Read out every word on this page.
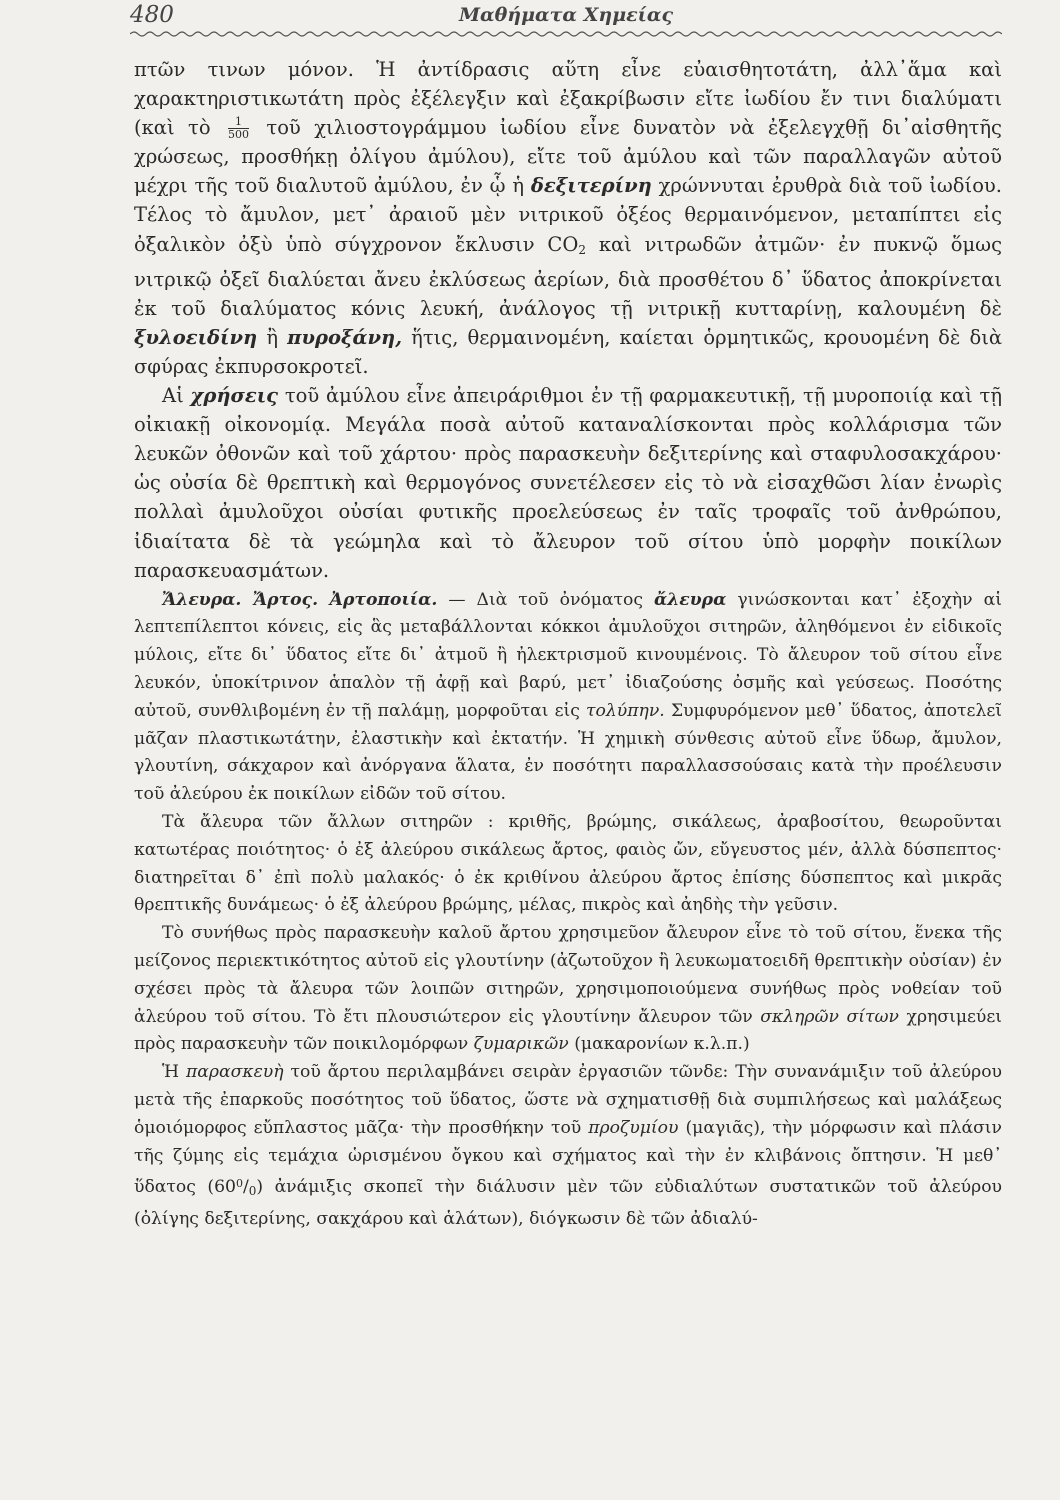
480	Μαθήματα Χημείας

πτῶν τινων μόνον. Ἡ ἀντίδρασις αὕτη εἶνε εὐαισθητοτάτη, ἀλλ᾽ἅμα καὶ χαρακτηριστικωτάτη πρὸς ἐξέλεγξιν καὶ ἐξακρίβωσιν εἴτε ἰωδίου ἔν τινι διαλύματι (καὶ τὸ $\frac{1}{500}$ τοῦ χιλιοστογράμμου ἰωδίου εἶνε δυνατὸν νὰ ἐξελεγχθῇ δι᾽αἰσθητῆς χρώσεως, προσθήκῃ ὀλίγου ἀμύλου), εἴτε τοῦ ἀμύλου καὶ τῶν παραλλαγῶν αὐτοῦ μέχρι τῆς τοῦ διαλυτοῦ ἀμύλου, ἐν ᾧ ἡ δεξιτερίνη χρώννυται ἐρυθρὰ διὰ τοῦ ἰωδίου. Τέλος τὸ ἄμυλον, μετ᾽ ἀραιοῦ μὲν νιτρικοῦ ὀξέος θερμαινόμενον, μεταπίπτει εἰς ὀξαλικὸν ὀξὺ ὑπὸ σύγχρονον ἔκλυσιν $CO_2$ καὶ νιτρωδῶν ἀτμῶν· ἐν πυκνῷ ὅμως νιτρικῷ ὀξεῖ διαλύεται ἄνευ ἐκλύσεως ἀερίων, διὰ προσθέτου δ᾽ ὕδατος ἀποκρίνεται ἐκ τοῦ διαλύματος κόνις λευκή, ἀνάλογος τῇ νιτρικῇ κυτταρίνῃ, καλουμένη δὲ ξυλοειδίνη ἢ πυροξάνη, ἥτις, θερμαινομένη, καίεται ὁρμητικῶς, κρουομένη δὲ διὰ σφύρας ἐκπυρσοκροτεῖ.

Αἱ χρήσεις τοῦ ἀμύλου εἶνε ἀπειράριθμοι ἐν τῇ φαρμακευτικῇ, τῇ μυροποιίᾳ καὶ τῇ οἰκιακῇ οἰκονομίᾳ. Μεγάλα ποσὰ αὐτοῦ καταναλίσκονται πρὸς κολλάρισμα τῶν λευκῶν ὀθονῶν καὶ τοῦ χάρτου· πρὸς παρασκευὴν δεξιτερίνης καὶ σταφυλοσακχάρου· ὡς οὐσία δὲ θρεπτικὴ καὶ θερμογόνος συνετέλεσεν εἰς τὸ νὰ εἰσαχθῶσι λίαν ἐνωρὶς πολλαὶ ἀμυλοῦχοι οὐσίαι φυτικῆς προελεύσεως ἐν ταῖς τροφαῖς τοῦ ἀνθρώπου, ἰδιαίτατα δὲ τὰ γεώμηλα καὶ τὸ ἄλευρον τοῦ σίτου ὑπὸ μορφὴν ποικίλων παρασκευασμάτων.

Ἄλευρα. Ἄρτος. Ἀρτοποιία. — Διὰ τοῦ ὀνόματος ἄλευρα γινώσκονται κατ᾽ ἐξοχὴν αἱ λεπτεπίλεπτοι κόνεις, εἰς ἃς μεταβάλλονται κόκκοι ἀμυλοῦχοι σιτηρῶν, ἀληθόμενοι ἐν εἰδικοῖς μύλοις, εἴτε δι᾽ ὕδατος εἴτε δι᾽ ἀτμοῦ ἢ ἠλεκτρισμοῦ κινουμένοις. Τὸ ἄλευρον τοῦ σίτου εἶνε λευκόν, ὑποκίτρινον ἁπαλὸν τῇ ἀφῇ καὶ βαρύ, μετ᾽ ἰδιαζούσης ὀσμῆς καὶ γεύσεως. Ποσότης αὐτοῦ, συνθλιβομένη ἐν τῇ παλάμῃ, μορφοῦται εἰς τολύπην. Συμφυρόμενον μεθ᾽ ὕδατος, ἀποτελεῖ μᾶζαν πλαστικωτάτην, ἐλαστικὴν καὶ ἐκτατήν. Ἡ χημικὴ σύνθεσις αὐτοῦ εἶνε ὕδωρ, ἄμυλον, γλουτίνη, σάκχαρον καὶ ἀνόργανα ἅλατα, ἐν ποσότητι παραλλασσούσαις κατὰ τὴν προέλευσιν τοῦ ἀλεύρου ἐκ ποικίλων εἰδῶν τοῦ σίτου.

Τὰ ἄλευρα τῶν ἄλλων σιτηρῶν : κριθῆς, βρώμης, σικάλεως, ἀραβοσίτου, θεωροῦνται κατωτέρας ποιότητος· ὁ ἐξ ἀλεύρου σικάλεως ἄρτος, φαιὸς ὤν, εὔγευστος μέν, ἀλλὰ δύσπεπτος· διατηρεῖται δ᾽ ἐπὶ πολὺ μαλακός· ὁ ἐκ κριθίνου ἀλεύρου ἄρτος ἐπίσης δύσπεπτος καὶ μικρᾶς θρεπτικῆς δυνάμεως· ὁ ἐξ ἀλεύρου βρώμης, μέλας, πικρὸς καὶ ἀηδὴς τὴν γεῦσιν.

Τὸ συνήθως πρὸς παρασκευὴν καλοῦ ἄρτου χρησιμεῦον ἄλευρον εἶνε τὸ τοῦ σίτου, ἕνεκα τῆς μείζονος περιεκτικότητος αὐτοῦ εἰς γλουτίνην (ἀζωτοῦχον ἢ λευκωματοειδῆ θρεπτικὴν οὐσίαν) ἐν σχέσει πρὸς τὰ ἄλευρα τῶν λοιπῶν σιτηρῶν, χρησιμοποιούμενα συνήθως πρὸς νοθείαν τοῦ ἀλεύρου τοῦ σίτου. Τὸ ἔτι πλουσιώτερον εἰς γλουτίνην ἄλευρον τῶν σκληρῶν σίτων χρησιμεύει πρὸς παρασκευὴν τῶν ποικιλομόρφων ζυμαρικῶν (μακαρονίων κ.λ.π.)

Ἡ παρασκευὴ τοῦ ἄρτου περιλαμβάνει σειρὰν ἐργασιῶν τῶνδε: Τὴν συνανάμιξιν τοῦ ἀλεύρου μετὰ τῆς ἐπαρκοῦς ποσότητος τοῦ ὕδατος, ὥστε νὰ σχηματισθῇ διὰ συμπιλήσεως καὶ μαλάξεως ὁμοιόμορφος εὔπλαστος μᾶζα· τὴν προσθήκην τοῦ προζυμίου (μαγιᾶς), τὴν μόρφωσιν καὶ πλάσιν τῆς ζύμης εἰς τεμάχια ὡρισμένου ὄγκου καὶ σχήματος καὶ τὴν ἐν κλιβάνοις ὄπτησιν. Ἡ μεθ᾽ ὕδατος $(60^0/_0)$ ἀνάμιξις σκοπεῖ τὴν διάλυσιν μὲν τῶν εὐδιαλύτων συστατικῶν τοῦ ἀλεύρου (ὀλίγης δεξιτερίνης, σακχάρου καὶ ἁλάτων), διόγκωσιν δὲ τῶν ἀδιαλύ-
